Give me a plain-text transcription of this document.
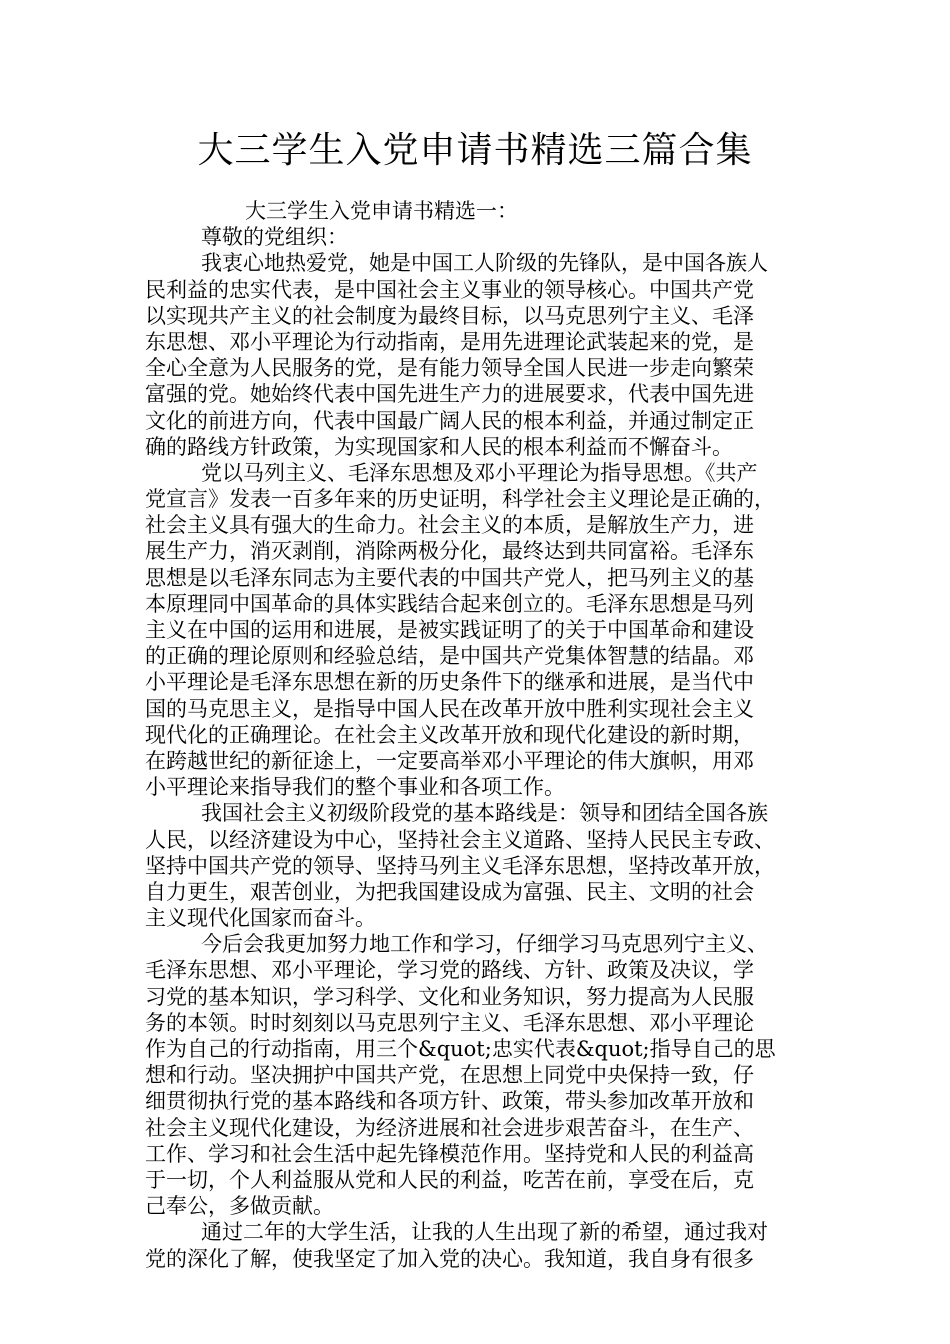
大三学生入党申请书精选三篇合集
大三学生入党申请书精选一：
尊敬的党组织：
我衷心地热爱党，她是中国工人阶级的先锋队，是中国各族人
民利益的忠实代表，是中国社会主义事业的领导核心。中国共产党
以实现共产主义的社会制度为最终目标，以马克思列宁主义、毛泽
东思想、邓小平理论为行动指南，是用先进理论武装起来的党，是
全心全意为人民服务的党，是有能力领导全国人民进一步走向繁荣
富强的党。她始终代表中国先进生产力的进展要求，代表中国先进
文化的前进方向，代表中国最广阔人民的根本利益，并通过制定正
确的路线方针政策，为实现国家和人民的根本利益而不懈奋斗。
党以马列主义、毛泽东思想及邓小平理论为指导思想。《共产
党宣言》发表一百多年来的历史证明，科学社会主义理论是正确的，
社会主义具有强大的生命力。社会主义的本质，是解放生产力，进
展生产力，消灭剥削，消除两极分化，最终达到共同富裕。毛泽东
思想是以毛泽东同志为主要代表的中国共产党人，把马列主义的基
本原理同中国革命的具体实践结合起来创立的。毛泽东思想是马列
主义在中国的运用和进展，是被实践证明了的关于中国革命和建设
的正确的理论原则和经验总结，是中国共产党集体智慧的结晶。邓
小平理论是毛泽东思想在新的历史条件下的继承和进展，是当代中
国的马克思主义，是指导中国人民在改革开放中胜利实现社会主义
现代化的正确理论。在社会主义改革开放和现代化建设的新时期，
在跨越世纪的新征途上，一定要高举邓小平理论的伟大旗帜，用邓
小平理论来指导我们的整个事业和各项工作。
我国社会主义初级阶段党的基本路线是：领导和团结全国各族
人民，以经济建设为中心，坚持社会主义道路、坚持人民民主专政、
坚持中国共产党的领导、坚持马列主义毛泽东思想，坚持改革开放，
自力更生，艰苦创业，为把我国建设成为富强、民主、文明的社会
主义现代化国家而奋斗。
今后会我更加努力地工作和学习，仔细学习马克思列宁主义、
毛泽东思想、邓小平理论，学习党的路线、方针、政策及决议，学
习党的基本知识，学习科学、文化和业务知识，努力提高为人民服
务的本领。时时刻刻以马克思列宁主义、毛泽东思想、邓小平理论
作为自己的行动指南，用三个&quot;忠实代表&quot;指导自己的思
想和行动。坚决拥护中国共产党，在思想上同党中央保持一致，仔
细贯彻执行党的基本路线和各项方针、政策，带头参加改革开放和
社会主义现代化建设，为经济进展和社会进步艰苦奋斗，在生产、
工作、学习和社会生活中起先锋模范作用。坚持党和人民的利益高
于一切，个人利益服从党和人民的利益，吃苦在前，享受在后，克
己奉公，多做贡献。
通过二年的大学生活，让我的人生出现了新的希望，通过我对
党的深化了解，使我坚定了加入党的决心。我知道，我自身有很多
